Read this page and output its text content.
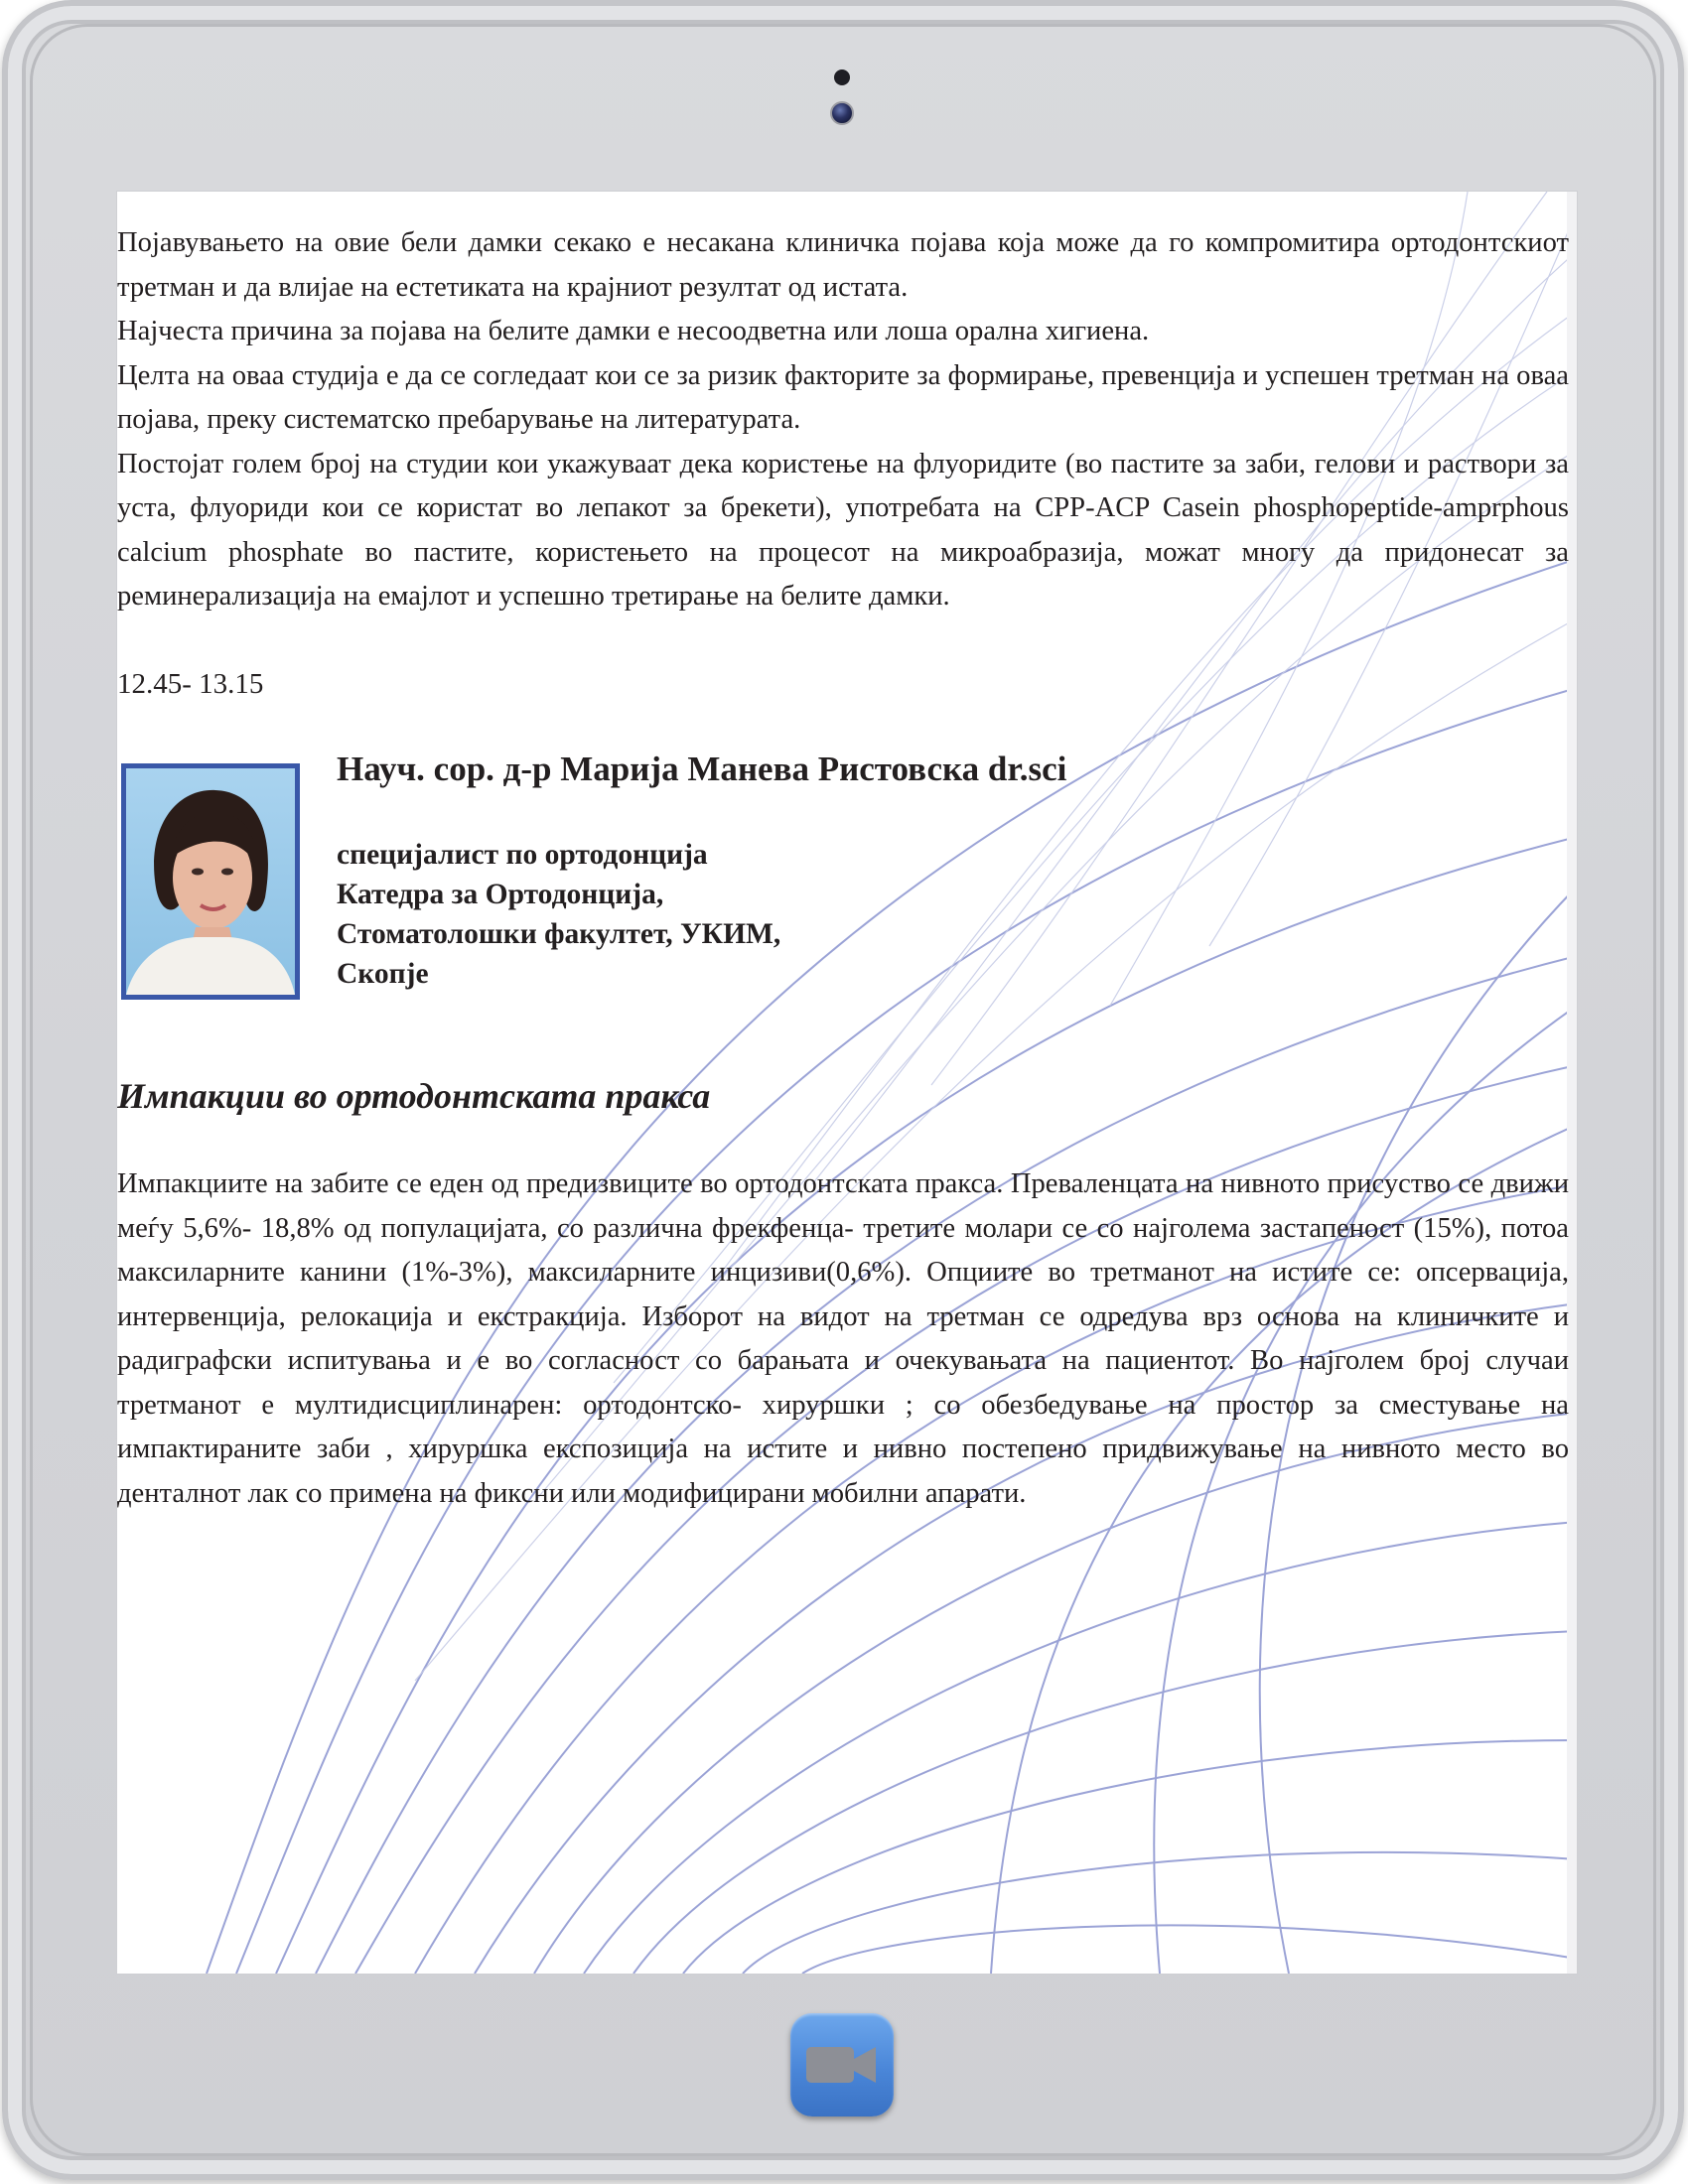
Појавувањето на овие бели дамки секако е несакана клиничка појава која може да го компромитира ортодонтскиот третман и да влијае на естетиката на крајниот резултат од истата.

Најчеста причина за појава на белите дамки е несоодветна или лоша орална хигиена.

Целта на оваа студија е да се согледаат кои се за ризик факторите за формирање, превенција и успешен третман на оваа појава, преку систематско пребарување на литературата.

Постојат голем број на студии кои укажуваат дека користење на флуоридите (во пастите за заби, гелови и раствори за уста, флуориди кои се користат во лепакот за брекети), употребата на CPP-ACP Casein phosphopeptide-amprphous calcium phosphate во пастите, користењето на процесот на микроабразија, можат многу да придонесат за реминерализација на емајлот и успешно третирање на белите дамки.

12.45- 13.15
Науч. сор. д-р Марија Манева Ристовска dr.sci
специјалист по ортодонција
Катедра за Ортодонција,
Стоматолошки факултет, УКИМ,
Скопје
Импакции во ортодонтската пракса

Импакциите на забите се еден од предизвиците во ортодонтската пракса. Преваленцата на нивното присуство се движи меѓу 5,6%- 18,8% од популацијата, со различна фрекфенца- третите молари се со најголема застапеност (15%), потоа максиларните канини (1%-3%), максиларните инцизиви(0,6%). Опциите во третманот на истите се: опсервација, интервенција, релокација и екстракција. Изборот на видот на третман се одредува врз основа на клиничките и радиграфски испитувања и е во согласност со барањата и очекувањата на пациентот. Во најголем број случаи третманот е мултидисциплинарен: ортодонтско- хируршки ; со обезбедување на простор за сместување на импактираните заби , хируршка експозиција на истите и нивно постепено придвижување на нивното место во денталнот лак со примена на фиксни или модифицирани мобилни апарати.
